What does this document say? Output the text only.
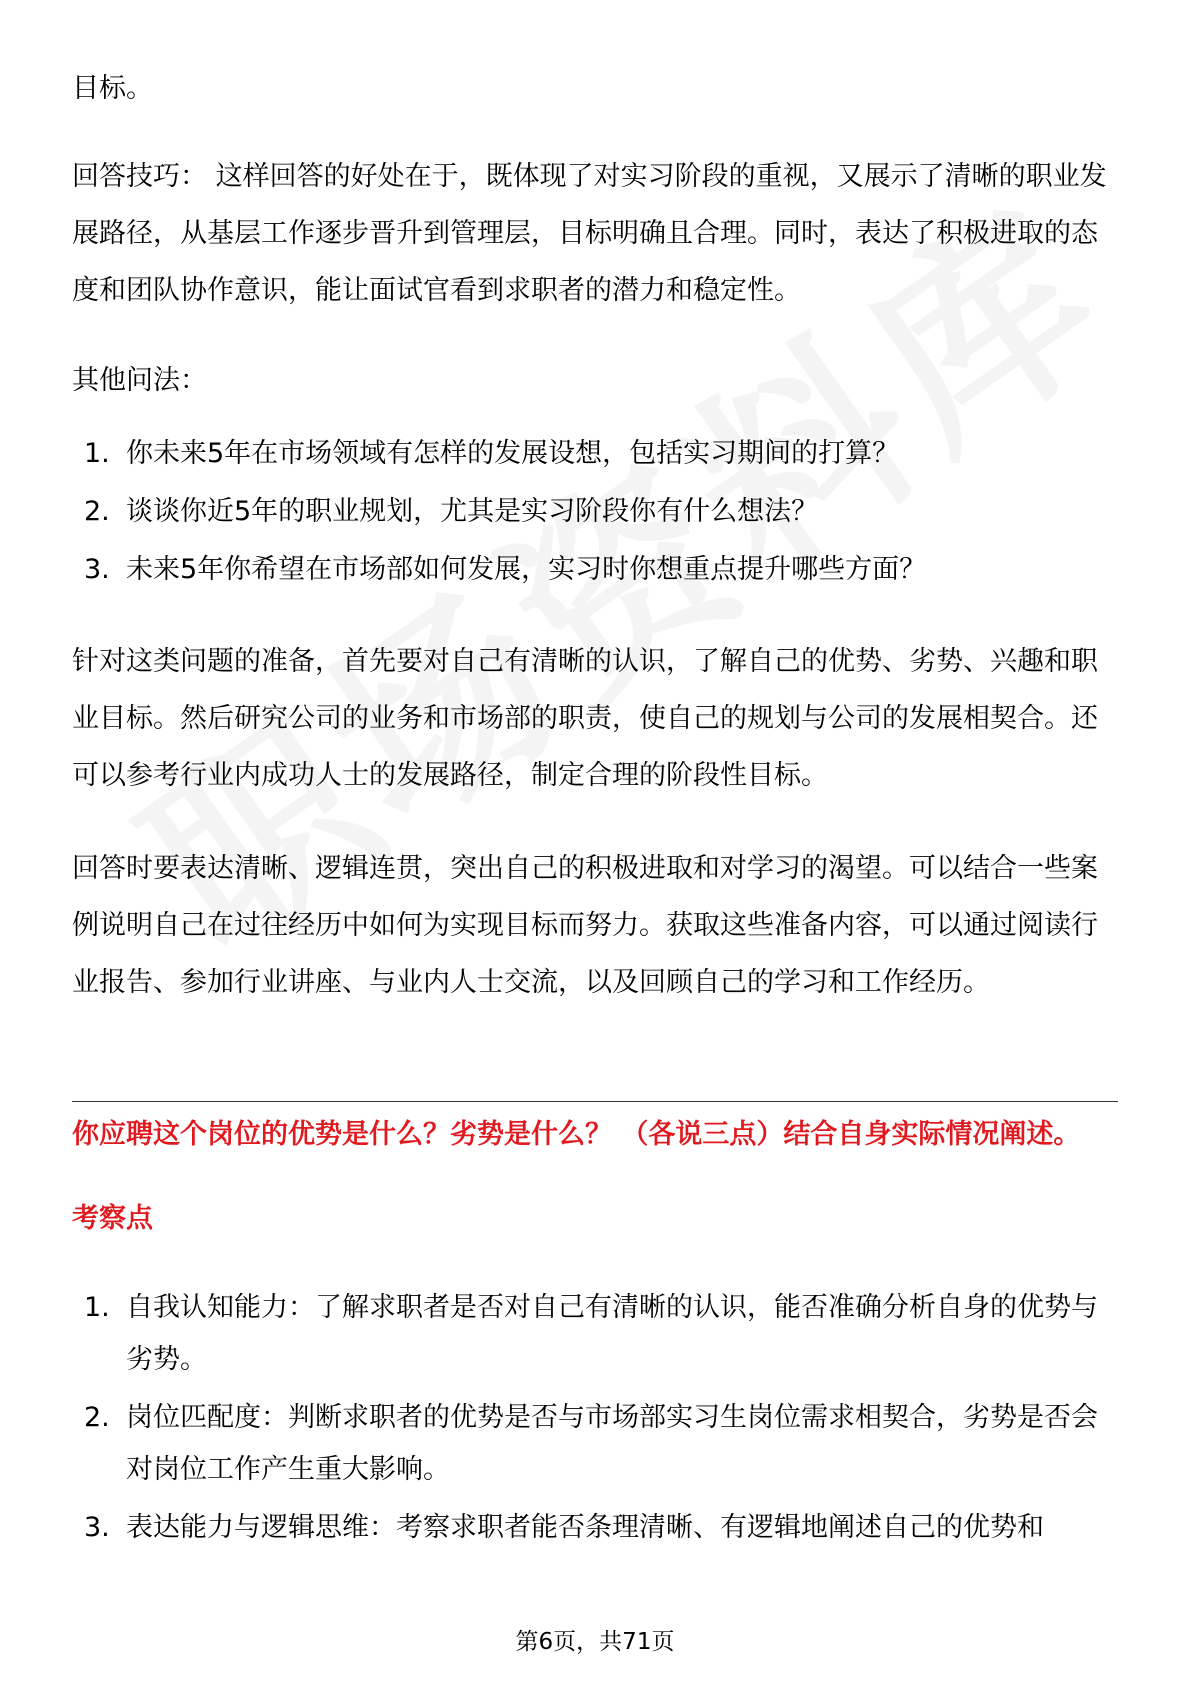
目标。

回答技巧： 这样回答的好处在于，既体现了对实习阶段的重视，又展示了清晰的职业发展路径，从基层工作逐步晋升到管理层，目标明确且合理。同时，表达了积极进取的态度和团队协作意识，能让面试官看到求职者的潜力和稳定性。

其他问法：

1. 你未来5年在市场领域有怎样的发展设想，包括实习期间的打算？
2. 谈谈你近5年的职业规划，尤其是实习阶段你有什么想法？
3. 未来5年你希望在市场部如何发展，实习时你想重点提升哪些方面？

针对这类问题的准备，首先要对自己有清晰的认识，了解自己的优势、劣势、兴趣和职业目标。然后研究公司的业务和市场部的职责，使自己的规划与公司的发展相契合。还可以参考行业内成功人士的发展路径，制定合理的阶段性目标。

回答时要表达清晰、逻辑连贯，突出自己的积极进取和对学习的渴望。可以结合一些案例说明自己在过往经历中如何为实现目标而努力。获取这些准备内容，可以通过阅读行业报告、参加行业讲座、与业内人士交流，以及回顾自己的学习和工作经历。

你应聘这个岗位的优势是什么？劣势是什么？ （各说三点）结合自身实际情况阐述。
考察点
1. 自我认知能力：了解求职者是否对自己有清晰的认识，能否准确分析自身的优势与劣势。
2. 岗位匹配度：判断求职者的优势是否与市场部实习生岗位需求相契合，劣势是否会对岗位工作产生重大影响。
3. 表达能力与逻辑思维：考察求职者能否条理清晰、有逻辑地阐述自己的优势和
第6页，共71页
